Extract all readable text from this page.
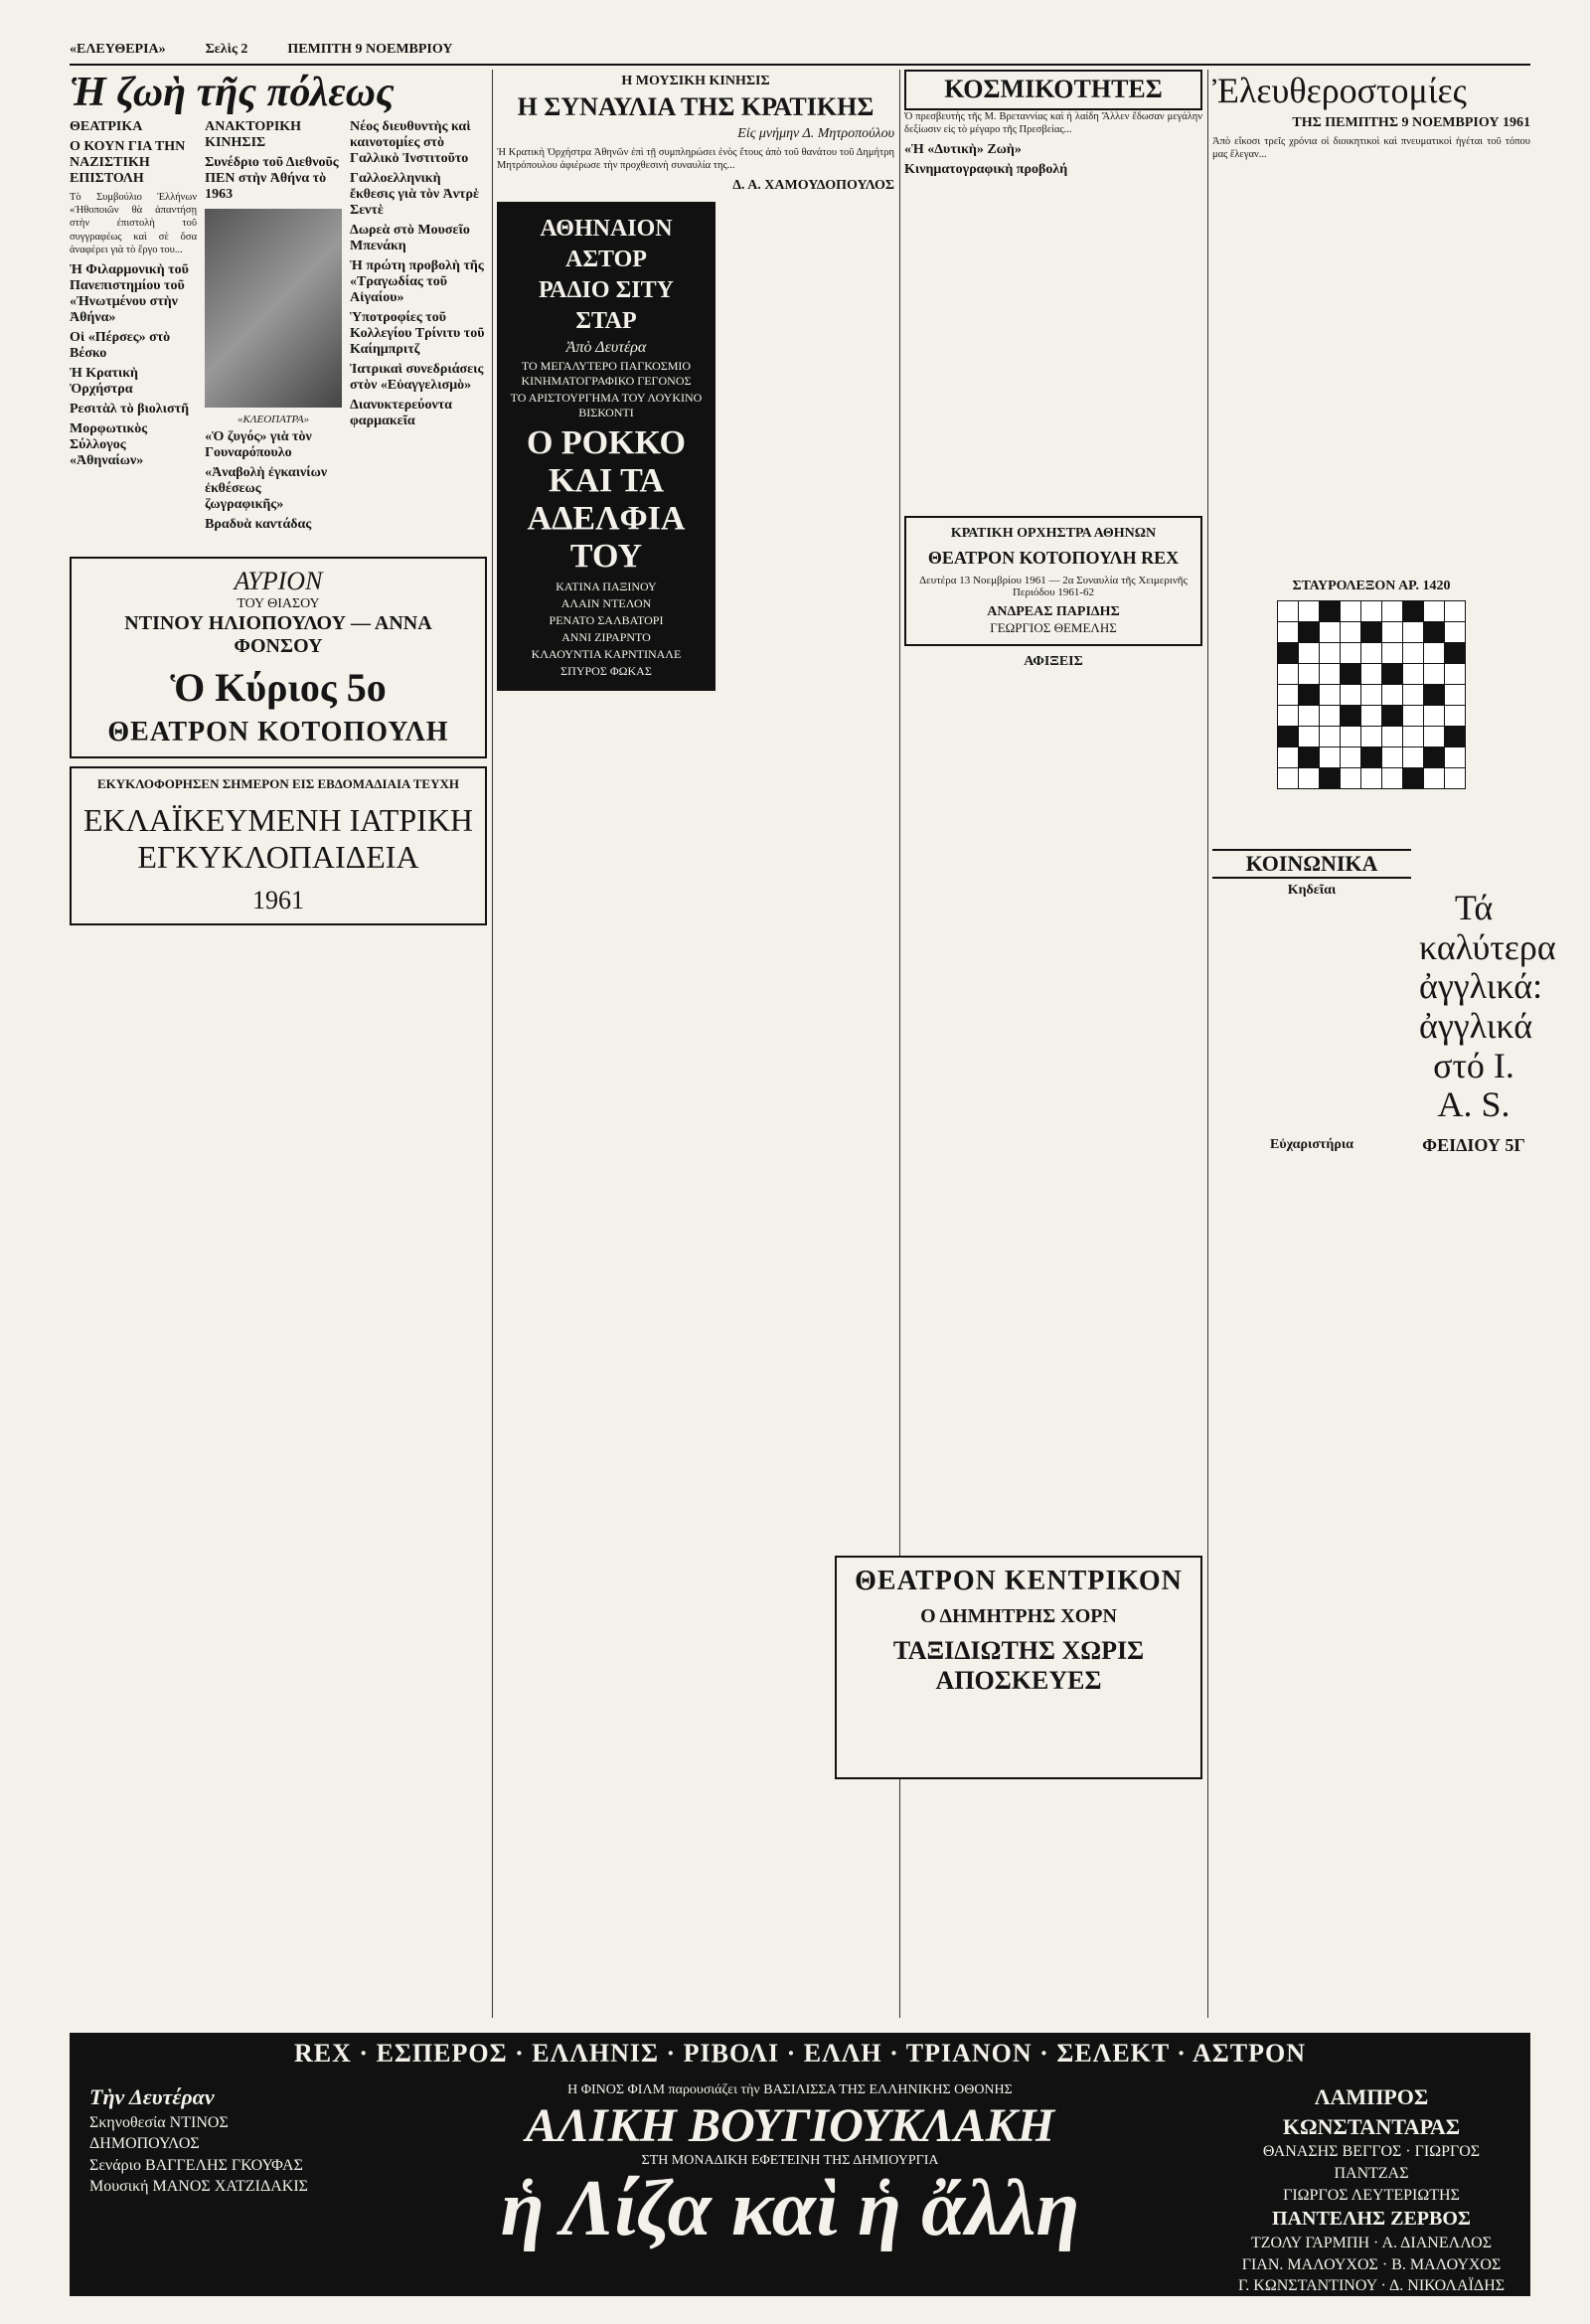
«ΕΛΕΥΘΕΡΙΑ»	Σελὶς 2	ΠΕΜΠΤΗ 9 ΝΟΕΜΒΡΙΟΥ
Ἡ ζωὴ τῆς πόλεως
ΘΕΑΤΡΙΚΑ
Ο ΚΟΥΝ ΓΙΑ ΤΗΝ ΝΑΖΙΣΤΙΚΗ ΕΠΙΣΤΟΛΗ

Τὸ Συμβούλιο Ἑλλήνων «Ἠθοποιῶν θὰ ἀπαντήσῃ στὴν ἐπιστολὴ τοῦ συγγραφέως καὶ σὲ ὅσα ἀναφέρει γιὰ τὸ ἔργο του...

Ἡ Φιλαρμονικὴ τοῦ Πανεπιστημίου τοῦ «Ἠνωτμένου στὴν Ἀθήνα»
Οἱ «Πέρσες» στὸ Βέσκο
Ἡ Κρατικὴ Ὀρχήστρα
Ρεσιτὰλ τὸ βιολιστῆ
Μορφωτικὸς Σύλλογος «Ἀθηναίων»
ΑΝΑΚΤΟΡΙΚΗ ΚΙΝΗΣΙΣ
Συνέδριο τοῦ Διεθνοῦς ΠΕΝ στὴν Ἀθήνα τὸ 1963
«ΚΛΕΟΠΑΤΡΑ»
«Ὁ ζυγός» γιὰ τὸν Γουναρόπουλο
«Ἀναβολὴ ἐγκαινίων ἐκθέσεως ζωγραφικῆς»
Βραδυὰ καντάδας
Νέος διευθυντὴς καὶ καινοτομίες στὸ Γαλλικὸ Ἰνστιτοῦτο
Γαλλοελληνικὴ ἔκθεσις γιὰ τὸν Ἀντρὲ Σεντὲ
Δωρεὰ στὸ Μουσεῖο Μπενάκη
Ἡ πρώτη προβολὴ τῆς «Τραγωδίας τοῦ Αἰγαίου»
Ὑποτροφίες τοῦ Κολλεγίου Τρίνιτυ τοῦ Καίημπριτζ
Ἰατρικαὶ συνεδριάσεις στὸν «Εὐαγγελισμὸ»
Διανυκτερεύοντα φαρμακεῖα
ΑΥΡΙΟΝ
ΤΟΥ ΘΙΑΣΟΥ
ΝΤΙΝΟΥ ΗΛΙΟΠΟΥΛΟΥ — ΑΝΝΑ ΦΟΝΣΟΥ
Ὁ Κύριος 5ο
ΘΕΑΤΡΟΝ ΚΟΤΟΠΟΥΛΗ
ΕΚΥΚΛΟΦΟΡΗΣΕΝ ΣΗΜΕΡΟΝ ΕΙΣ ΕΒΔΟΜΑΔΙΑΙΑ ΤΕΥΧΗ
ΕΚΛΑΪΚΕΥΜΕΝΗ ΙΑΤΡΙΚΗ ΕΓΚΥΚΛΟΠΑΙΔΕΙΑ
1961
Η ΜΟΥΣΙΚΗ ΚΙΝΗΣΙΣ
Η ΣΥΝΑΥΛΙΑ ΤΗΣ ΚΡΑΤΙΚΗΣ
Εἰς μνήμην Δ. Μητροπούλου

Ἡ Κρατικὴ Ὀρχήστρα Ἀθηνῶν ἐπὶ τῇ συμπληρώσει ἑνὸς ἔτους ἀπὸ τοῦ θανάτου τοῦ Δημήτρη Μητρόπουλου ἀφιέρωσε τὴν προχθεσινὴ συναυλία της...

Δ. Α. ΧΑΜΟΥΔΟΠΟΥΛΟΣ
ΑΘΗΝΑΙΟΝ
ΑΣΤΟΡ
ΡΑΔΙΟ ΣΙΤΥ
ΣΤΑΡ
Ἀπὸ Δευτέρα
ΤΟ ΜΕΓΑΛΥΤΕΡΟ ΠΑΓΚΟΣΜΙΟ ΚΙΝΗΜΑΤΟΓΡΑΦΙΚΟ ΓΕΓΟΝΟΣ
ΤΟ ΑΡΙΣΤΟΥΡΓΗΜΑ ΤΟΥ ΛΟΥΚΙΝΟ ΒΙΣΚΟΝΤΙ
Ο ΡΟΚΚΟ ΚΑΙ ΤΑ ΑΔΕΛΦΙΑ ΤΟΥ
ΚΑΤΙΝΑ ΠΑΞΙΝΟΥ
ΑΛΑΙΝ ΝΤΕΛΟΝ
ΡΕΝΑΤΟ ΣΑΛΒΑΤΟΡΙ
ΑΝΝΙ ΖΙΡΑΡΝΤΟ
ΚΛΑΟΥΝΤΙΑ ΚΑΡΝΤΙΝΑΛΕ
ΣΠΥΡΟΣ ΦΩΚΑΣ
ΚΟΣΜΙΚΟΤΗΤΕΣ

Ὁ πρεσβευτὴς τῆς Μ. Βρεταννίας καὶ ἡ λαίδη Ἄλλεν ἔδωσαν μεγάλην δεξίωσιν εἰς τὸ μέγαρο τῆς Πρεσβείας...

«Ἡ «Δυτικὴ» Ζωὴ»
Κινηματογραφικὴ προβολή
ΚΡΑΤΙΚΗ ΟΡΧΗΣΤΡΑ ΑΘΗΝΩΝ
ΘΕΑΤΡΟΝ ΚΟΤΟΠΟΥΛΗ REX
Δευτέρα 13 Νοεμβρίου 1961 — 2α Συναυλία τῆς Χειμερινῆς Περιόδου 1961-62
ΑΝΔΡΕΑΣ ΠΑΡΙΔΗΣ
ΓΕΩΡΓΙΟΣ ΘΕΜΕΛΗΣ
ΑΦΙΞΕΙΣ
ΘΕΑΤΡΟΝ ΚΕΝΤΡΙΚΟΝ
Ο ΔΗΜΗΤΡΗΣ ΧΟΡΝ
ΤΑΞΙΔΙΩΤΗΣ ΧΩΡΙΣ ΑΠΟΣΚΕΥΕΣ
Ἐλευθεροστομίες
ΤΗΣ ΠΕΜΠΤΗΣ 9 ΝΟΕΜΒΡΙΟΥ 1961

Ἀπὸ εἴκοσι τρεῖς χρόνια οἱ διοικητικοὶ καὶ πνευματικοὶ ἡγέται τοῦ τόπου μας ἔλεγαν...

ΣΤΑΥΡΟΛΕΞΟΝ ΑΡ. 1420
ΚΟΙΝΩΝΙΚΑ
Κηδεῖαι
Εὐχαριστήρια
Τά καλύτερα ἀγγλικά: ἀγγλικά στό I. A. S.
ΦΕΙΔΙΟΥ 5Γ
Τὴν Δευτέραν
Σκηνοθεσία ΝΤΙΝΟΣ ΔΗΜΟΠΟΥΛΟΣ
Σενάριο ΒΑΓΓΕΛΗΣ ΓΚΟΥΦΑΣ
Μουσική ΜΑΝΟΣ ΧΑΤΖΙΔΑΚΙΣ
REX · ΕΣΠΕΡΟΣ · ΕΛΛΗΝΙΣ · ΡΙΒΟΛΙ · ΕΛΛΗ · ΤΡΙΑΝΟΝ · ΣΕΛΕΚΤ · ΑΣΤΡΟΝ
Η ΦΙΝΟΣ ΦΙΛΜ παρουσιάζει τὴν ΒΑΣΙΛΙΣΣΑ ΤΗΣ ΕΛΛΗΝΙΚΗΣ ΟΘΟΝΗΣ
ΑΛΙΚΗ ΒΟΥΓΙΟΥΚΛΑΚΗ
ΣΤΗ ΜΟΝΑΔΙΚΗ ΕΦΕΤΕΙΝΗ ΤΗΣ ΔΗΜΙΟΥΡΓΙΑ
ἡ Λίζα καὶ ἡ ἄλλη
ΛΑΜΠΡΟΣ ΚΩΝΣΤΑΝΤΑΡΑΣ
ΘΑΝΑΣΗΣ ΒΕΓΓΟΣ · ΓΙΩΡΓΟΣ ΠΑΝΤΖΑΣ
ΓΙΩΡΓΟΣ ΛΕΥΤΕΡΙΩΤΗΣ
ΠΑΝΤΕΛΗΣ ΖΕΡΒΟΣ
ΤΖΟΛΥ ΓΑΡΜΠΗ · Α. ΔΙΑΝΕΛΛΟΣ
ΓΙΑΝ. ΜΑΛΟΥΧΟΣ · Β. ΜΑΛΟΥΧΟΣ
Γ. ΚΩΝΣΤΑΝΤΙΝΟΥ · Δ. ΝΙΚΟΛΑΪΔΗΣ
